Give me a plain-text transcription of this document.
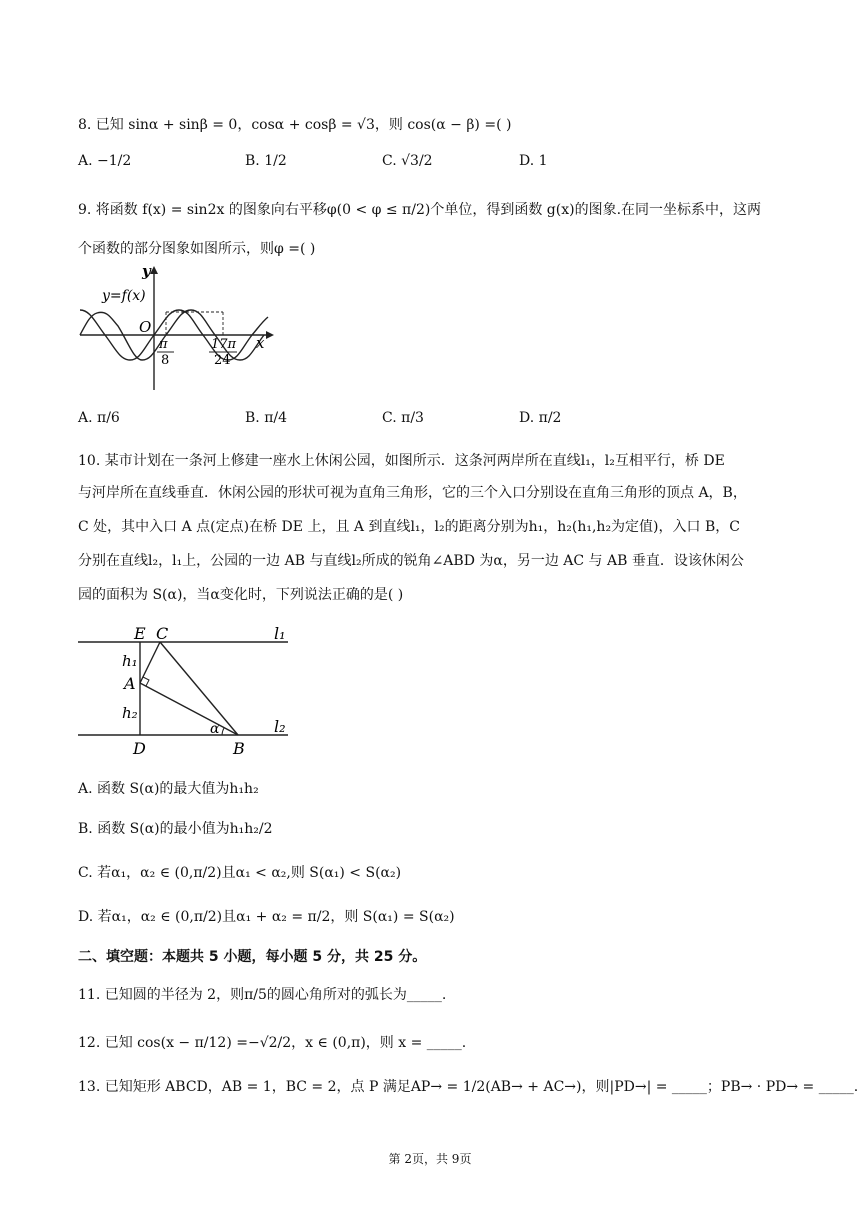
8. 已知 sinα + sinβ = 0，cosα + cosβ = √3，则 cos(α − β) =( )
A. −1/2	B. 1/2	C. √3/2	D. 1
9. 将函数 f(x) = sin2x 的图象向右平移φ(0 < φ ≤ π/2)个单位，得到函数 g(x)的图象.在同一坐标系中，这两
个函数的部分图象如图所示，则φ =( )
y
y=f(x)
O
x
π
8
17π
24
A. π/6	B. π/4	C. π/3	D. π/2
10. 某市计划在一条河上修建一座水上休闲公园，如图所示．这条河两岸所在直线l₁，l₂互相平行，桥 DE
与河岸所在直线垂直．休闲公园的形状可视为直角三角形，它的三个入口分别设在直角三角形的顶点 A，B，
C 处，其中入口 A 点(定点)在桥 DE 上，且 A 到直线l₁，l₂的距离分别为h₁，h₂(h₁,h₂为定值)，入口 B，C
分别在直线l₂，l₁上，公园的一边 AB 与直线l₂所成的锐角∠ABD 为α，另一边 AC 与 AB 垂直．设该休闲公
园的面积为 S(α)，当α变化时，下列说法正确的是( )
E C	l₁
h₁
A
h₂
α	l₂
D	B
A. 函数 S(α)的最大值为h₁h₂
B. 函数 S(α)的最小值为h₁h₂/2
C. 若α₁，α₂ ∈ (0,π/2)且α₁ < α₂,则 S(α₁) < S(α₂)
D. 若α₁，α₂ ∈ (0,π/2)且α₁ + α₂ = π/2，则 S(α₁) = S(α₂)
二、填空题：本题共 5 小题，每小题 5 分，共 25 分。
11. 已知圆的半径为 2，则π/5的圆心角所对的弧长为_____.
12. 已知 cos(x − π/12) =−√2/2，x ∈ (0,π)，则 x = _____.
13. 已知矩形 ABCD，AB = 1，BC = 2，点 P 满足AP→ = 1/2(AB→ + AC→)，则|PD→| = _____；PB→ · PD→ = _____.
第 2页，共 9页
